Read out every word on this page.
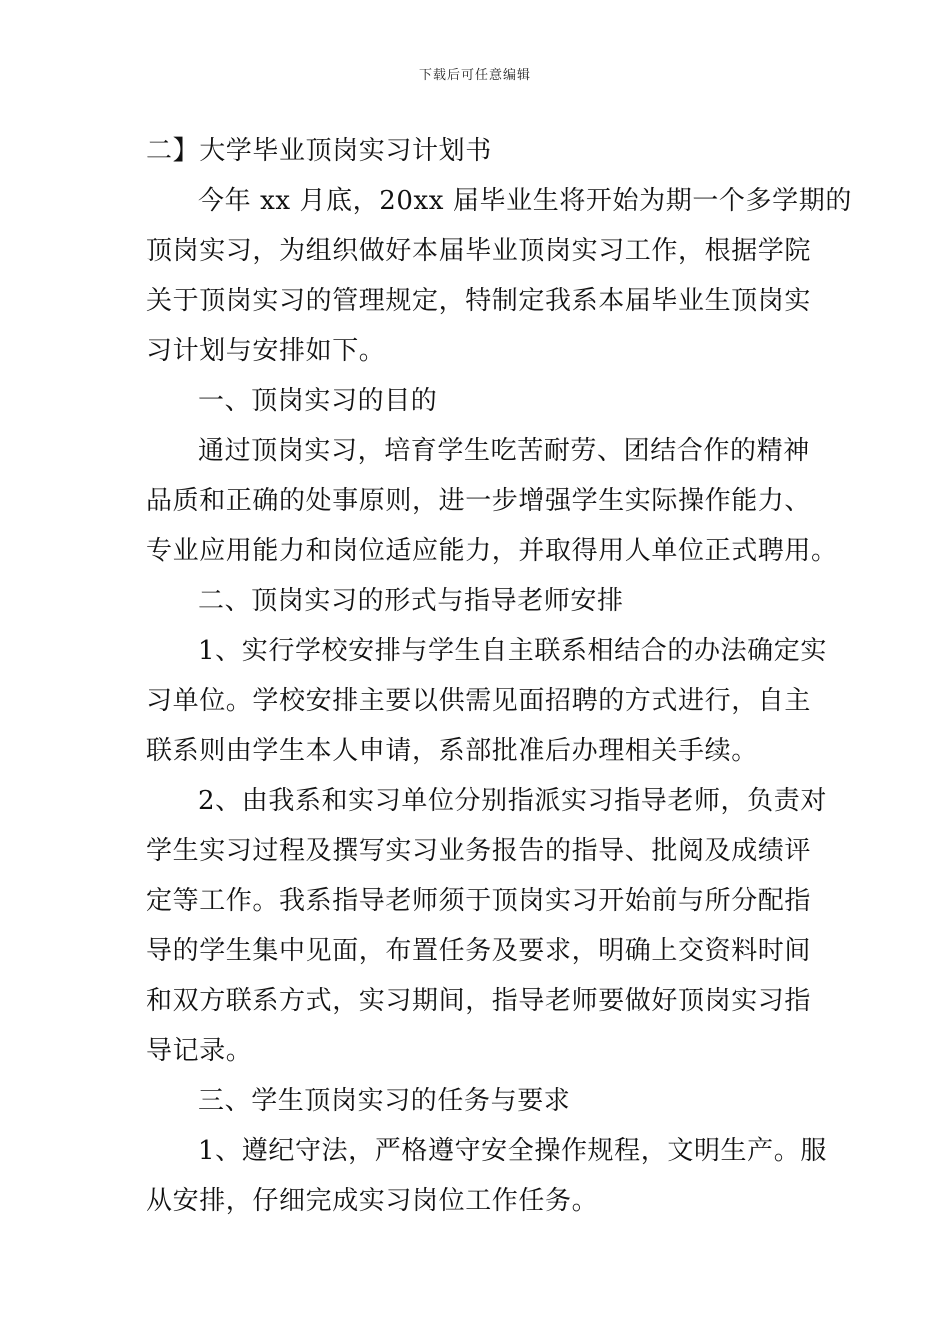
下载后可任意编辑
二】大学毕业顶岗实习计划书
今年 xx 月底，20xx 届毕业生将开始为期一个多学期的
顶岗实习，为组织做好本届毕业顶岗实习工作，根据学院
关于顶岗实习的管理规定，特制定我系本届毕业生顶岗实
习计划与安排如下。
一、顶岗实习的目的
通过顶岗实习，培育学生吃苦耐劳、团结合作的精神
品质和正确的处事原则，进一步增强学生实际操作能力、
专业应用能力和岗位适应能力，并取得用人单位正式聘用。
二、顶岗实习的形式与指导老师安排
1、实行学校安排与学生自主联系相结合的办法确定实
习单位。学校安排主要以供需见面招聘的方式进行，自主
联系则由学生本人申请，系部批准后办理相关手续。
2、由我系和实习单位分别指派实习指导老师，负责对
学生实习过程及撰写实习业务报告的指导、批阅及成绩评
定等工作。我系指导老师须于顶岗实习开始前与所分配指
导的学生集中见面，布置任务及要求，明确上交资料时间
和双方联系方式，实习期间，指导老师要做好顶岗实习指
导记录。
三、学生顶岗实习的任务与要求
1、遵纪守法，严格遵守安全操作规程，文明生产。服
从安排，仔细完成实习岗位工作任务。
